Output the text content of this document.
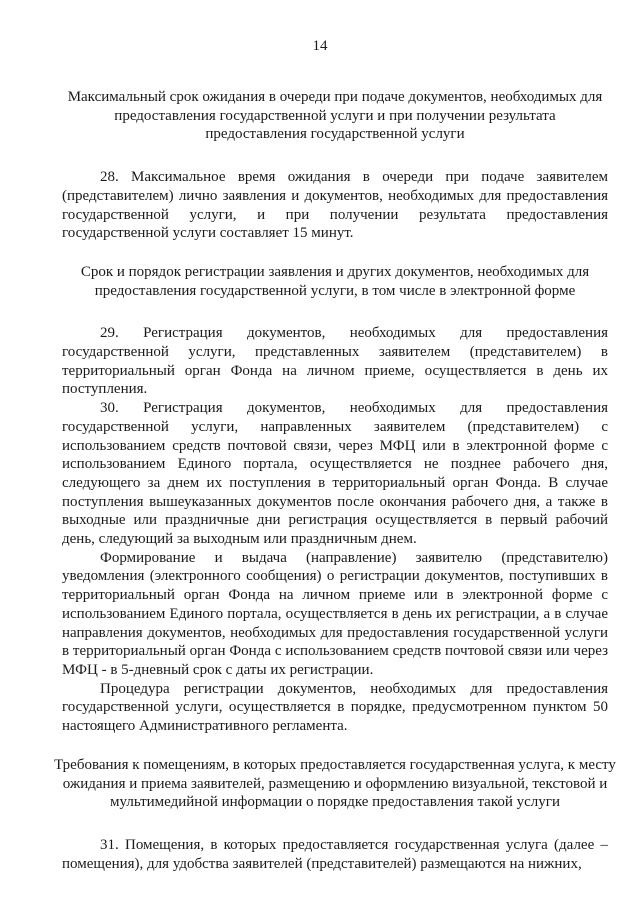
14

Максимальный срок ожидания в очереди при подаче документов, необходимых для предоставления государственной услуги и при получении результата предоставления государственной услуги

28. Максимальное время ожидания в очереди при подаче заявителем (представителем) лично заявления и документов, необходимых для предоставления государственной услуги, и при получении результата предоставления государственной услуги составляет 15 минут.

Срок и порядок регистрации заявления и других документов, необходимых для предоставления государственной услуги, в том числе в электронной форме

29. Регистрация документов, необходимых для предоставления государственной услуги, представленных заявителем (представителем) в территориальный орган Фонда на личном приеме, осуществляется в день их поступления.

30. Регистрация документов, необходимых для предоставления государственной услуги, направленных заявителем (представителем) с использованием средств почтовой связи, через МФЦ или в электронной форме с использованием Единого портала, осуществляется не позднее рабочего дня, следующего за днем их поступления в территориальный орган Фонда. В случае поступления вышеуказанных документов после окончания рабочего дня, а также в выходные или праздничные дни регистрация осуществляется в первый рабочий день, следующий за выходным или праздничным днем.

Формирование и выдача (направление) заявителю (представителю) уведомления (электронного сообщения) о регистрации документов, поступивших в территориальный орган Фонда на личном приеме или в электронной форме с использованием Единого портала, осуществляется в день их регистрации, а в случае направления документов, необходимых для предоставления государственной услуги в территориальный орган Фонда с использованием средств почтовой связи или через МФЦ - в 5-дневный срок с даты их регистрации.

Процедура регистрации документов, необходимых для предоставления государственной услуги, осуществляется в порядке, предусмотренном пунктом 50 настоящего Административного регламента.

Требования к помещениям, в которых предоставляется государственная услуга, к месту ожидания и приема заявителей, размещению и оформлению визуальной, текстовой и мультимедийной информации о порядке предоставления такой услуги

31. Помещения, в которых предоставляется государственная услуга (далее – помещения), для удобства заявителей (представителей) размещаются на нижних,
